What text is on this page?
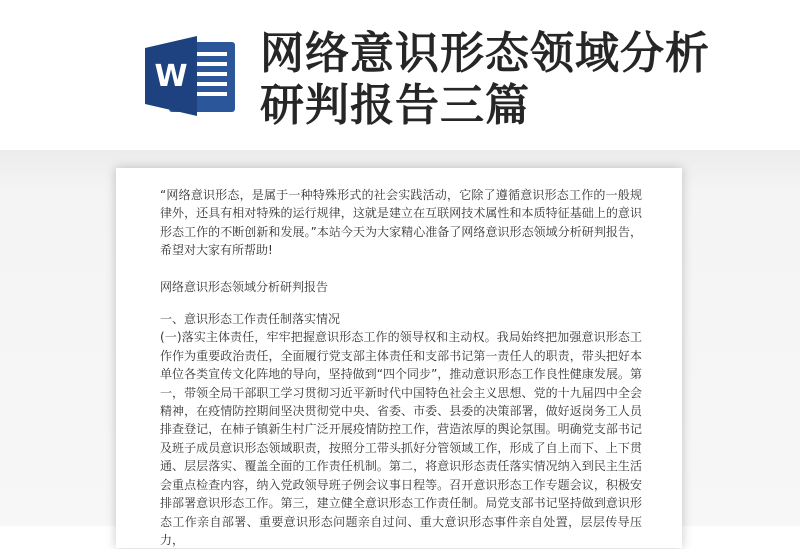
W 网络意识形态领域分析研判报告三篇

“网络意识形态，是属于一种特殊形式的社会实践活动，它除了遵循意识形态工作的一般规律外，还具有相对特殊的运行规律，这就是建立在互联网技术属性和本质特征基础上的意识形态工作的不断创新和发展。”本站今天为大家精心准备了网络意识形态领域分析研判报告，希望对大家有所帮助!

网络意识形态领域分析研判报告

一、意识形态工作责任制落实情况

(一)落实主体责任，牢牢把握意识形态工作的领导权和主动权。我局始终把加强意识形态工作作为重要政治责任，全面履行党支部主体责任和支部书记第一责任人的职责，带头把好本单位各类宣传文化阵地的导向，坚持做到“四个同步”，推动意识形态工作良性健康发展。第一，带领全局干部职工学习贯彻习近平新时代中国特色社会主义思想、党的十九届四中全会精神，在疫情防控期间坚决贯彻党中央、省委、市委、县委的决策部署，做好返岗务工人员排查登记，在柿子镇新生村广泛开展疫情防控工作，营造浓厚的舆论氛围。明确党支部书记及班子成员意识形态领域职责，按照分工带头抓好分管领域工作，形成了自上而下、上下贯通、层层落实、覆盖全面的工作责任机制。第二，将意识形态责任落实情况纳入到民主生活会重点检查内容，纳入党政领导班子例会议事日程等。召开意识形态工作专题会议，积极安排部署意识形态工作。第三，建立健全意识形态工作责任制。局党支部书记坚持做到意识形态工作亲自部署、重要意识形态问题亲自过问、重大意识形态事件亲自处置，层层传导压力，
